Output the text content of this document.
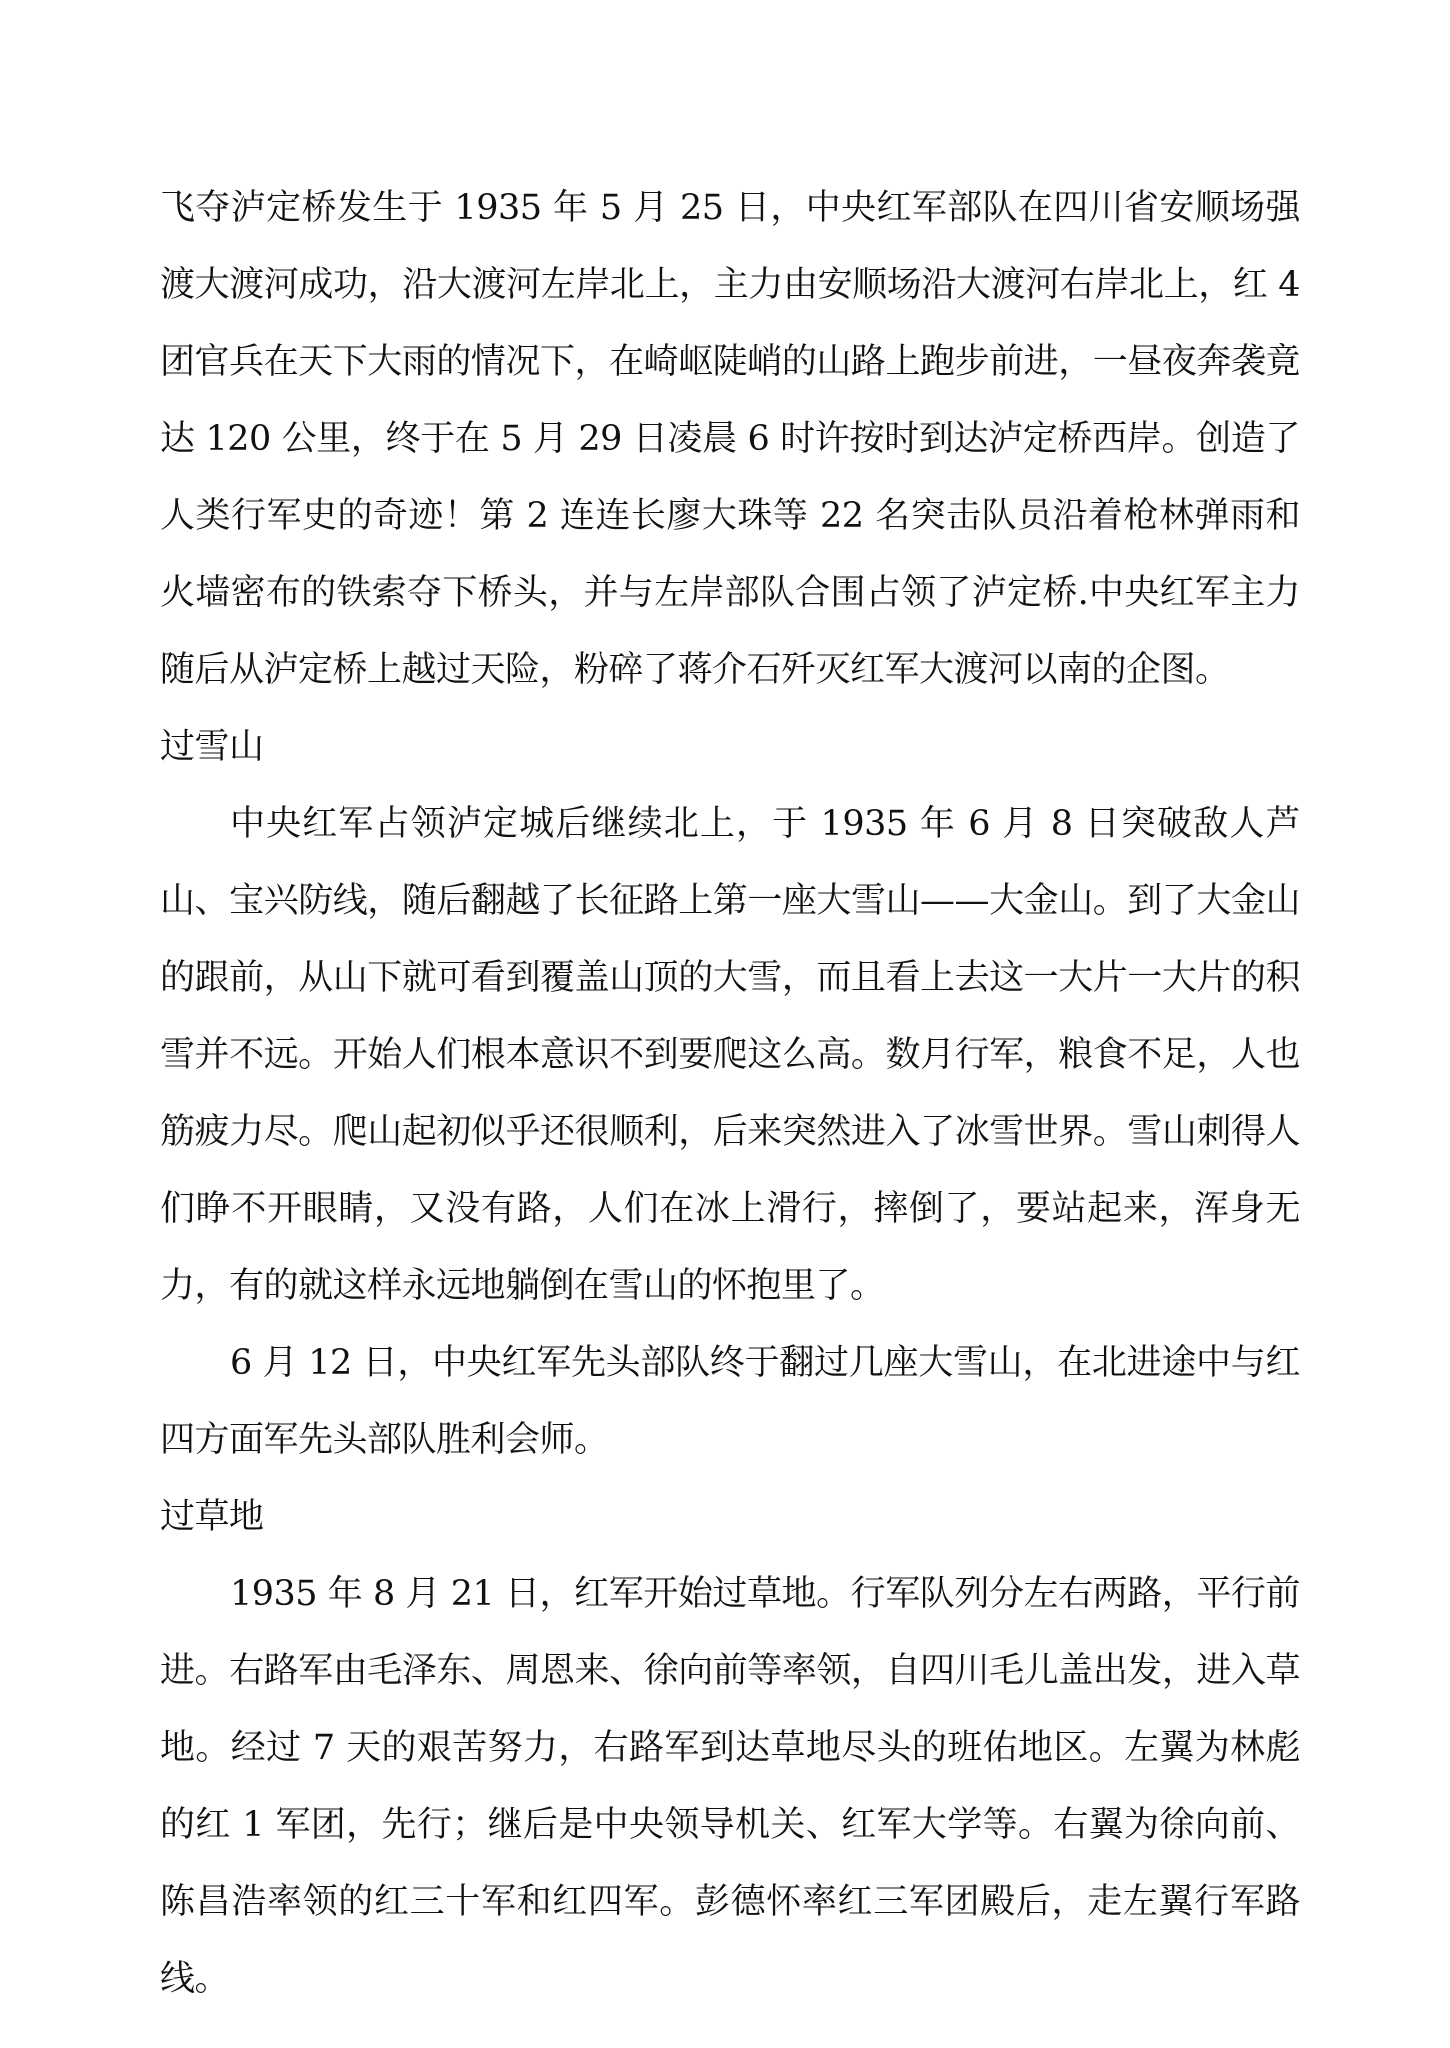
飞夺泸定桥发生于 1935 年 5 月 25 日，中央红军部队在四川省安顺场强渡大渡河成功，沿大渡河左岸北上，主力由安顺场沿大渡河右岸北上，红 4 团官兵在天下大雨的情况下，在崎岖陡峭的山路上跑步前进，一昼夜奔袭竟达 120 公里，终于在 5 月 29 日凌晨 6 时许按时到达泸定桥西岸。创造了人类行军史的奇迹！第 2 连连长廖大珠等 22 名突击队员沿着枪林弹雨和火墙密布的铁索夺下桥头，并与左岸部队合围占领了泸定桥.中央红军主力随后从泸定桥上越过天险，粉碎了蒋介石歼灭红军大渡河以南的企图。

过雪山

中央红军占领泸定城后继续北上，于 1935 年 6 月 8 日突破敌人芦山、宝兴防线，随后翻越了长征路上第一座大雪山——大金山。到了大金山的跟前，从山下就可看到覆盖山顶的大雪，而且看上去这一大片一大片的积雪并不远。开始人们根本意识不到要爬这么高。数月行军，粮食不足，人也筋疲力尽。爬山起初似乎还很顺利，后来突然进入了冰雪世界。雪山刺得人们睁不开眼睛，又没有路，人们在冰上滑行，摔倒了，要站起来，浑身无力，有的就这样永远地躺倒在雪山的怀抱里了。

6 月 12 日，中央红军先头部队终于翻过几座大雪山，在北进途中与红四方面军先头部队胜利会师。

过草地

1935 年 8 月 21 日，红军开始过草地。行军队列分左右两路，平行前进。右路军由毛泽东、周恩来、徐向前等率领，自四川毛儿盖出发，进入草地。经过 7 天的艰苦努力，右路军到达草地尽头的班佑地区。左翼为林彪的红 1 军团，先行；继后是中央领导机关、红军大学等。右翼为徐向前、陈昌浩率领的红三十军和红四军。彭德怀率红三军团殿后，走左翼行军路线。
